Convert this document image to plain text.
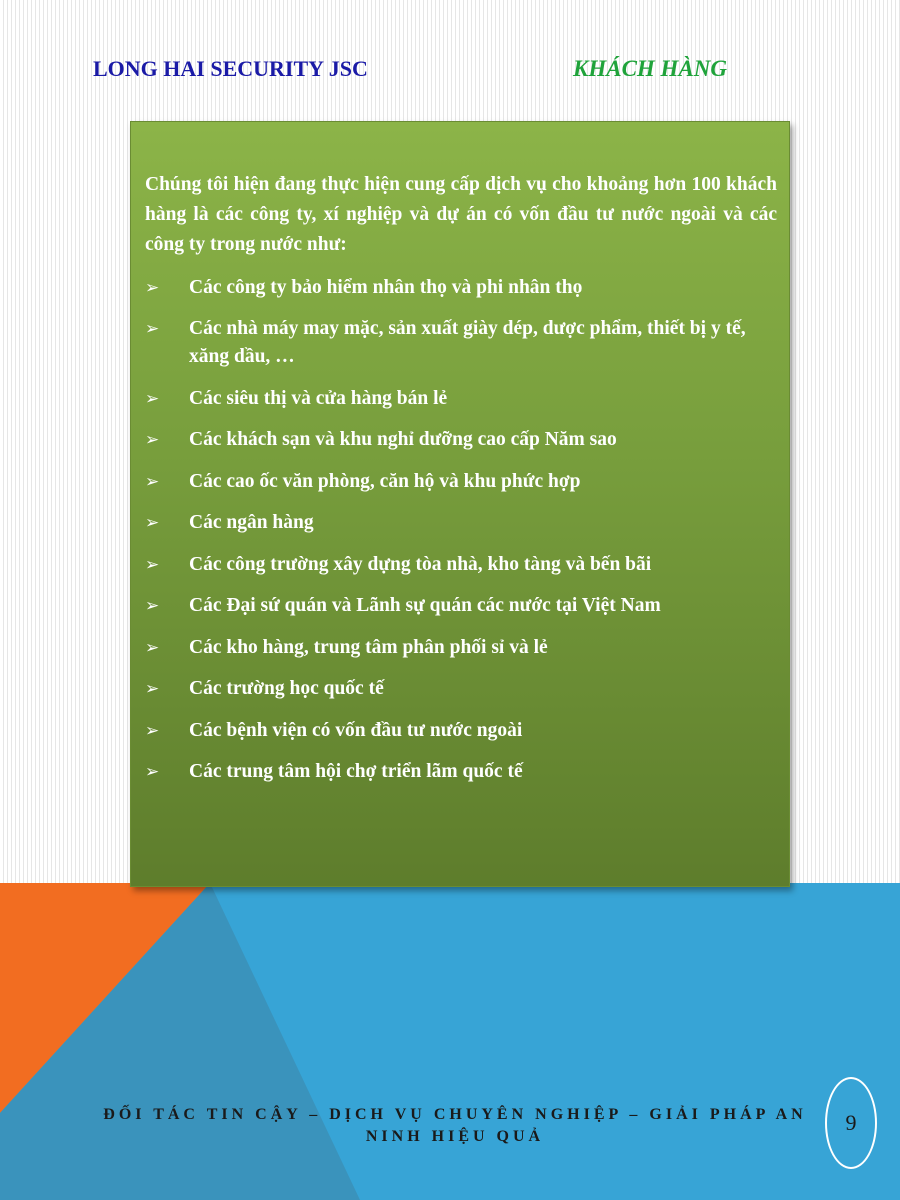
LONG HAI SECURITY JSC	KHÁCH HÀNG

Chúng tôi hiện đang thực hiện cung cấp dịch vụ cho khoảng hơn 100 khách hàng là các công ty, xí nghiệp và dự án có vốn đầu tư nước ngoài và các công ty trong nước như:

➢	Các công ty bảo hiểm nhân thọ và phi nhân thọ
➢	Các nhà máy may mặc, sản xuất giày dép, dược phẩm, thiết bị y tế, xăng dầu, …
➢	Các siêu thị và cửa hàng bán lẻ
➢	Các khách sạn và khu nghỉ dưỡng cao cấp Năm sao
➢	Các cao ốc văn phòng, căn hộ và khu phức hợp
➢	Các ngân hàng
➢	Các công trường xây dựng tòa nhà, kho tàng và bến bãi
➢	Các Đại sứ quán và Lãnh sự quán các nước tại Việt Nam
➢	Các kho hàng, trung tâm phân phối sỉ và lẻ
➢	Các trường học quốc tế
➢	Các bệnh viện có vốn đầu tư nước ngoài
➢	Các trung tâm hội chợ triển lãm quốc tế
ĐỐI TÁC TIN CẬY – DỊCH VỤ CHUYÊN NGHIỆP – GIẢI PHÁP AN NINH HIỆU QUẢ
9
